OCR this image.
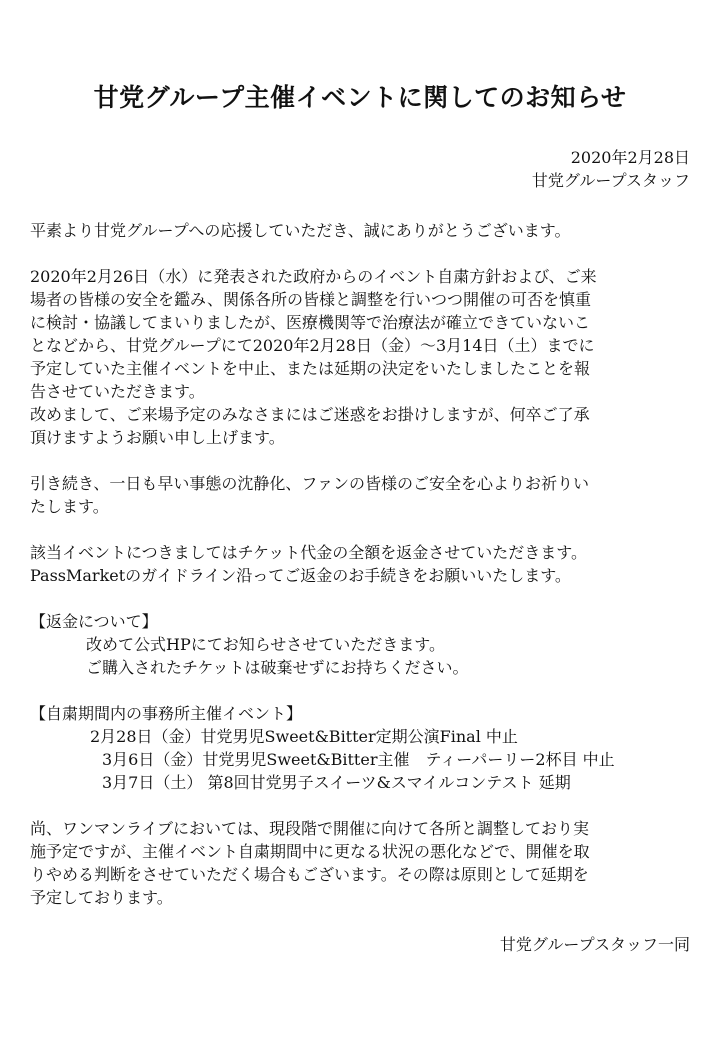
甘党グループ主催イベントに関してのお知らせ
2020年2月28日
甘党グループスタッフ

平素より甘党グループへの応援していただき、誠にありがとうございます。

2020年2月26日（水）に発表された政府からのイベント自粛方針および、ご来
場者の皆様の安全を鑑み、関係各所の皆様と調整を行いつつ開催の可否を慎重
に検討・協議してまいりましたが、医療機関等で治療法が確立できていないこ
となどから、甘党グループにて2020年2月28日（金）～3月14日（土）までに
予定していた主催イベントを中止、または延期の決定をいたしましたことを報
告させていただきます。
改めまして、ご来場予定のみなさまにはご迷惑をお掛けしますが、何卒ご了承
頂けますようお願い申し上げます。

引き続き、一日も早い事態の沈静化、ファンの皆様のご安全を心よりお祈りい
たします。

該当イベントにつきましてはチケット代金の全額を返金させていただきます。
PassMarketのガイドライン沿ってご返金のお手続きをお願いいたします。

【返金について】
改めて公式HPにてお知らせさせていただきます。
ご購入されたチケットは破棄せずにお持ちください。
【自粛期間内の事務所主催イベント】
2月28日（金）甘党男児Sweet&Bitter定期公演Final 中止
3月6日（金）甘党男児Sweet&Bitter主催　ティーパーリー2杯目 中止
3月7日（土） 第8回甘党男子スイーツ&スマイルコンテスト 延期

尚、ワンマンライブにおいては、現段階で開催に向けて各所と調整しており実
施予定ですが、主催イベント自粛期間中に更なる状況の悪化などで、開催を取
りやめる判断をさせていただく場合もございます。その際は原則として延期を
予定しております。

甘党グループスタッフ一同
